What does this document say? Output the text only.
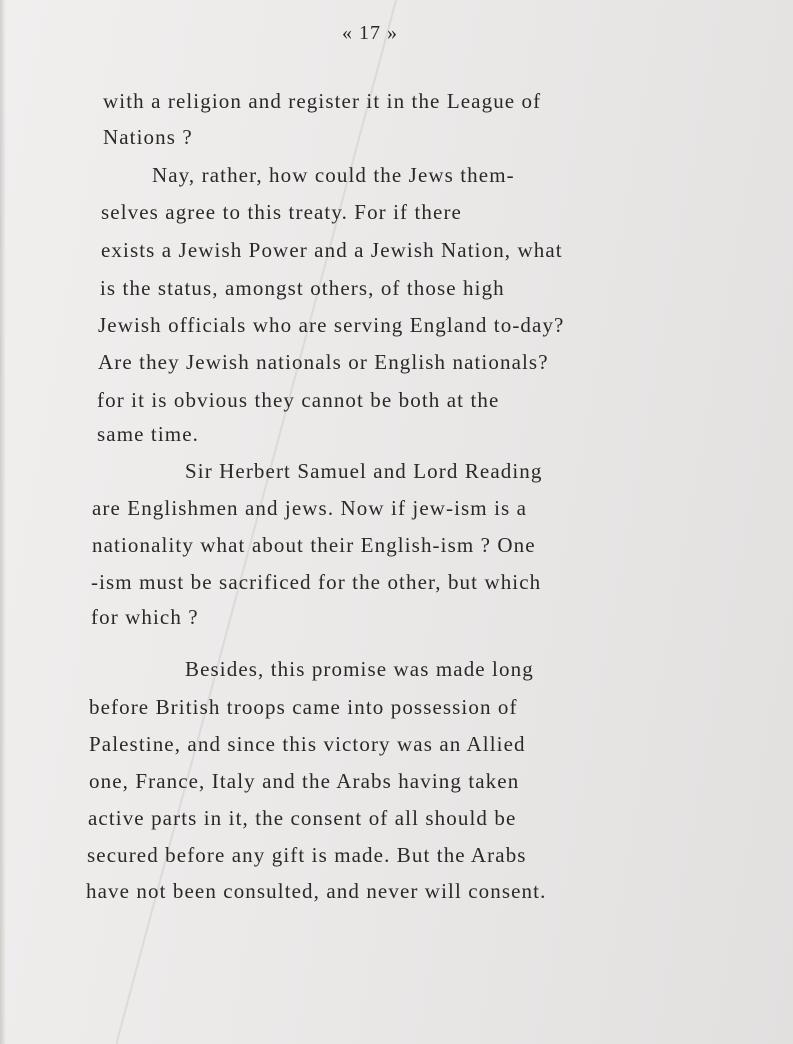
« 17 »
with a religion and register it in the League of
Nations ?
Nay, rather, how could the Jews them-
selves agree to this treaty. For if there
exists a Jewish Power and a Jewish Nation, what
is the status, amongst others, of those high
Jewish officials who are serving England to-day?
Are they Jewish nationals or English nationals?
for it is obvious they cannot be both at the
same time.
Sir Herbert Samuel and Lord Reading
are Englishmen and jews. Now if jew-ism is a
nationality what about their English-ism ? One
-ism must be sacrificed for the other, but which
for which ?
Besides, this promise was made long
before British troops came into possession of
Palestine, and since this victory was an Allied
one, France, Italy and the Arabs having taken
active parts in it, the consent of all should be
secured before any gift is made. But the Arabs
have not been consulted, and never will consent.
